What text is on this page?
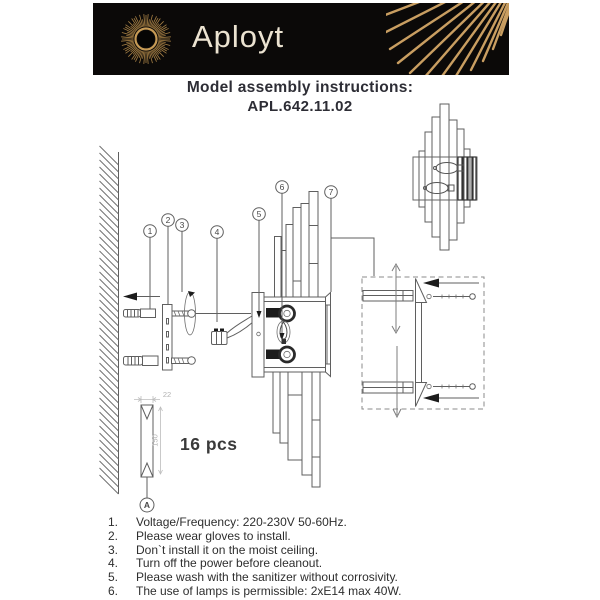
Aployt
Model assembly instructions:
APL.642.11.02
1
2 3
4
5
6	7
22
150
A
16 pcs
1.	Voltage/Frequency: 220-230V 50-60Hz.
2.	Please wear gloves to install.
3.	Don`t install it on the moist ceiling.
4.	Turn off the power before cleanout.
5.	Please wash with the sanitizer without corrosivity.
6.	The use of lamps is permissible: 2xE14 max 40W.
